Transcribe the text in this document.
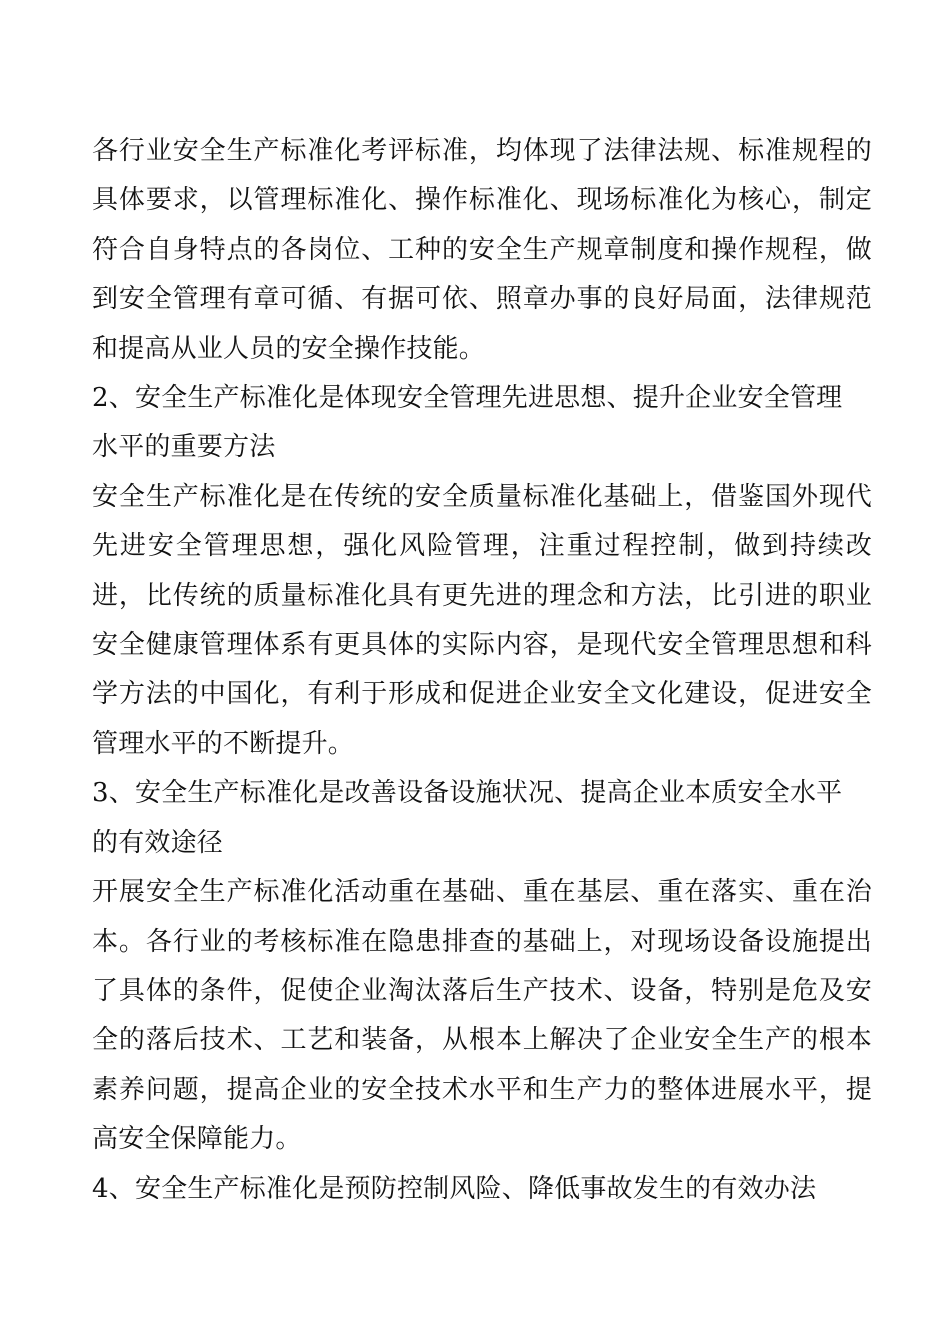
各行业安全生产标准化考评标准，均体现了法律法规、标准规程的具体要求，以管理标准化、操作标准化、现场标准化为核心，制定符合自身特点的各岗位、工种的安全生产规章制度和操作规程，做到安全管理有章可循、有据可依、照章办事的良好局面，法律规范和提高从业人员的安全操作技能。

2、安全生产标准化是体现安全管理先进思想、提升企业安全管理水平的重要方法

安全生产标准化是在传统的安全质量标准化基础上，借鉴国外现代先进安全管理思想，强化风险管理，注重过程控制，做到持续改进，比传统的质量标准化具有更先进的理念和方法，比引进的职业安全健康管理体系有更具体的实际内容，是现代安全管理思想和科学方法的中国化，有利于形成和促进企业安全文化建设，促进安全管理水平的不断提升。

3、安全生产标准化是改善设备设施状况、提高企业本质安全水平的有效途径

开展安全生产标准化活动重在基础、重在基层、重在落实、重在治本。各行业的考核标准在隐患排查的基础上，对现场设备设施提出了具体的条件，促使企业淘汰落后生产技术、设备，特别是危及安全的落后技术、工艺和装备，从根本上解决了企业安全生产的根本素养问题，提高企业的安全技术水平和生产力的整体进展水平，提高安全保障能力。

4、安全生产标准化是预防控制风险、降低事故发生的有效办法
